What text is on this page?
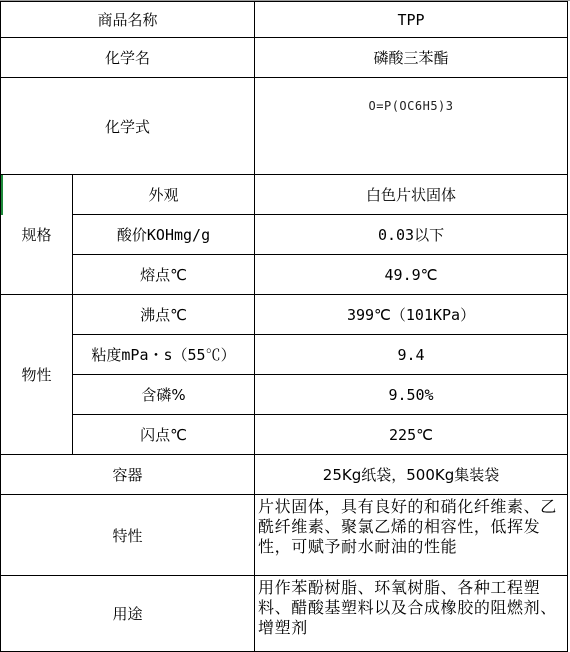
商品名称		TPP
化学名		磷酸三苯酯
化学式		O=P(OC6H5)3
规格	外观	白色片状固体
	酸价KOHmg/g	0.03以下
	熔点℃	49.9℃
物性	沸点℃	399℃（101KPa）
	粘度mPa・s（55℃）	9.4
	含磷%	9.50%
	闪点℃	225℃
容器		25Kg纸袋，500Kg集装袋
特性		片状固体，具有良好的和硝化纤维素、乙酰纤维素、聚氯乙烯的相容性，低挥发性，可赋予耐水耐油的性能
用途		用作苯酚树脂、环氧树脂、各种工程塑料、醋酸基塑料以及合成橡胶的阻燃剂、增塑剂
